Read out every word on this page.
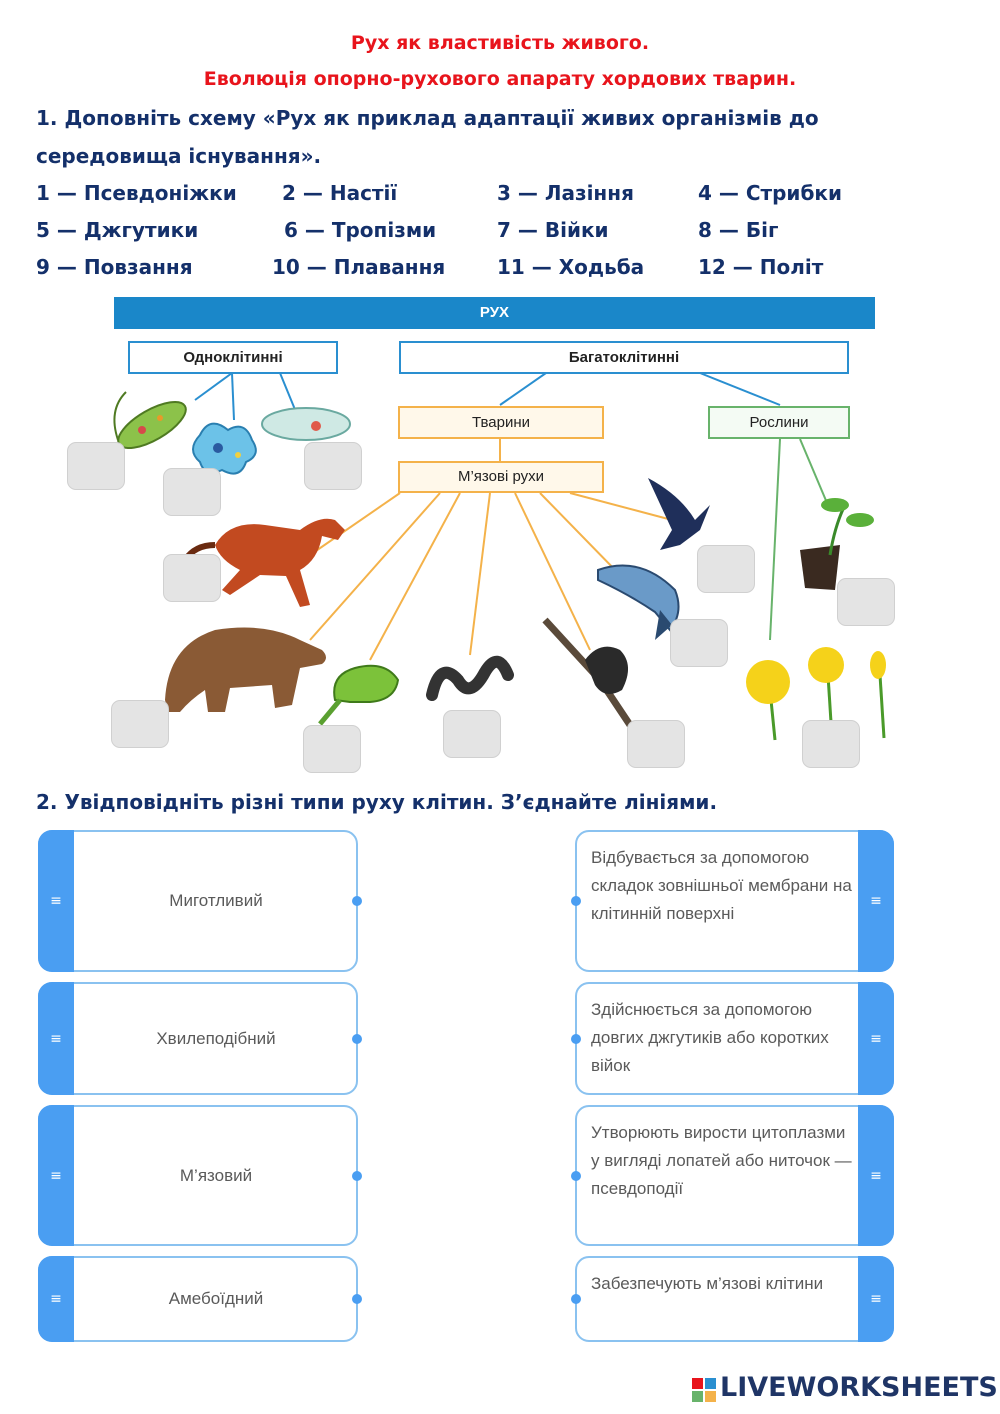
Рух як властивість живого.
Еволюція опорно-рухового апарату хордових тварин.
1. Доповніть схему «Рух як приклад адаптації живих організмів до
середовища існування».
1 — Псевдоніжки 2 — Настії	3 — Лазіння	4 — Стрибки
5 — Джгутики	6 — Тропізми	7 — Війки	8 — Біг
9 — Повзання	10 — Плавання	11 — Ходьба	12 — Політ
РУХ
Одноклітинні	Багатоклітинні
Тварини	Рослини
М’язові рухи
2. Увідповідніть різні типи руху клітин. З’єднайте лініями.
≡	Миготливий
≡	Хвилеподібний
≡	М’язовий
≡	Амебоїдний
Відбувається за допомогою складок зовнішньої мембрани на клітинній поверхні
≡
Здійснюється за допомогою довгих джгутиків або коротких війок
≡
Утворюють вирости цитоплазми у вигляді лопатей або ниточок — псевдоподії
≡
Забезпечують м’язові клітини
≡
LIVEWORKSHEETS
